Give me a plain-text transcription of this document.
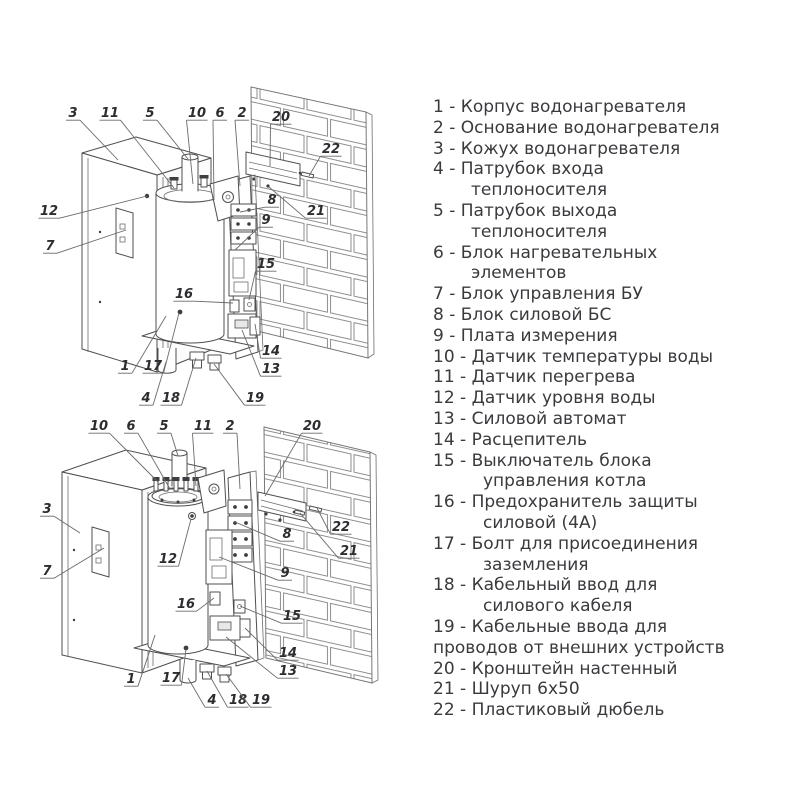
3 11 5	10 6 2 20
22
12
8
9
21
7
15
16
14
13
1 17
4 18	19
10 6 5 11 2	20
3
7
12
8	22
21
9
16
15
14
13
1 17
4 18 19
1 - Корпус водонагревателя
2 - Основание водонагревателя
3 - Кожух водонагревателя
4 - Патрубок входа
теплоносителя
5 - Патрубок выхода
теплоносителя
6 - Блок нагревательных
элементов
7 - Блок управления БУ
8 - Блок силовой БС
9 - Плата измерения
10 - Датчик температуры воды
11 - Датчик перегрева
12 - Датчик уровня воды
13 - Силовой автомат
14 - Расцепитель
15 - Выключатель блока
управления котла
16 - Предохранитель защиты
силовой (4А)
17 - Болт для присоединения
заземления
18 - Кабельный ввод для
силового кабеля
19 - Кабельные ввода для
проводов от внешних устройств
20 - Кронштейн настенный
21 - Шуруп 6х50
22 - Пластиковый дюбель
